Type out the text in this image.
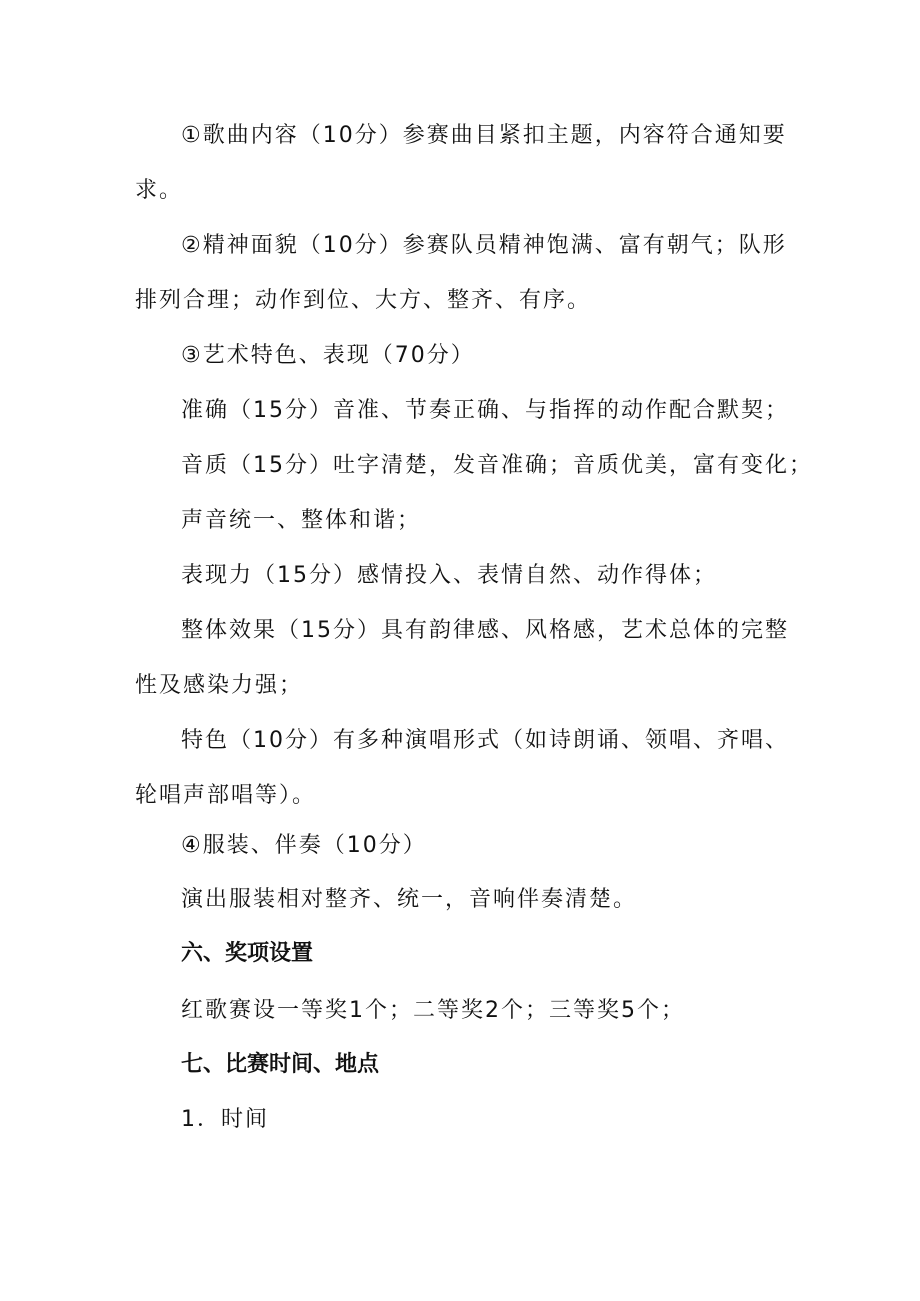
①歌曲内容（10分）参赛曲目紧扣主题，内容符合通知要求。

②精神面貌（10分）参赛队员精神饱满、富有朝气；队形排列合理；动作到位、大方、整齐、有序。

③艺术特色、表现（70分）

准确（15分）音准、节奏正确、与指挥的动作配合默契；

音质（15分）吐字清楚，发音准确；音质优美，富有变化；

声音统一、整体和谐；

表现力（15分）感情投入、表情自然、动作得体；

整体效果（15分）具有韵律感、风格感，艺术总体的完整性及感染力强；

特色（10分）有多种演唱形式（如诗朗诵、领唱、齐唱、轮唱声部唱等）。

④服装、伴奏（10分）

演出服装相对整齐、统一，音响伴奏清楚。

六、奖项设置

红歌赛设一等奖1个；二等奖2个；三等奖5个；

七、比赛时间、地点

1．时间
